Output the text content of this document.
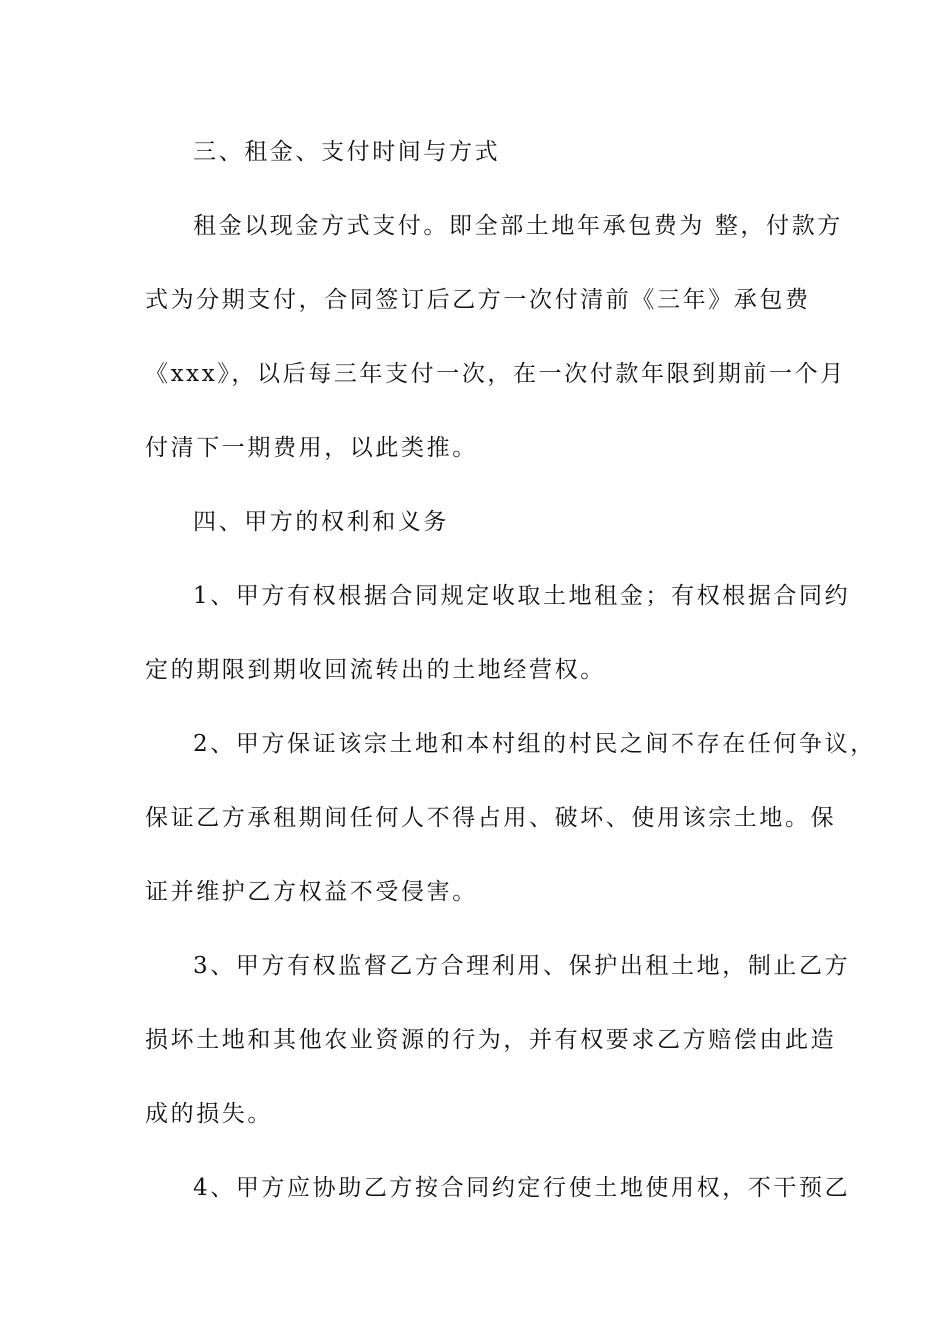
三、租金、支付时间与方式
租金以现金方式支付。即全部土地年承包费为 整，付款方
式为分期支付，合同签订后乙方一次付清前《三年》承包费
《xxx》，以后每三年支付一次，在一次付款年限到期前一个月
付清下一期费用，以此类推。
四、甲方的权利和义务
1、甲方有权根据合同规定收取土地租金；有权根据合同约
定的期限到期收回流转出的土地经营权。
2、甲方保证该宗土地和本村组的村民之间不存在任何争议，
保证乙方承租期间任何人不得占用、破坏、使用该宗土地。保
证并维护乙方权益不受侵害。
3、甲方有权监督乙方合理利用、保护出租土地，制止乙方
损坏土地和其他农业资源的行为，并有权要求乙方赔偿由此造
成的损失。
4、甲方应协助乙方按合同约定行使土地使用权，不干预乙
